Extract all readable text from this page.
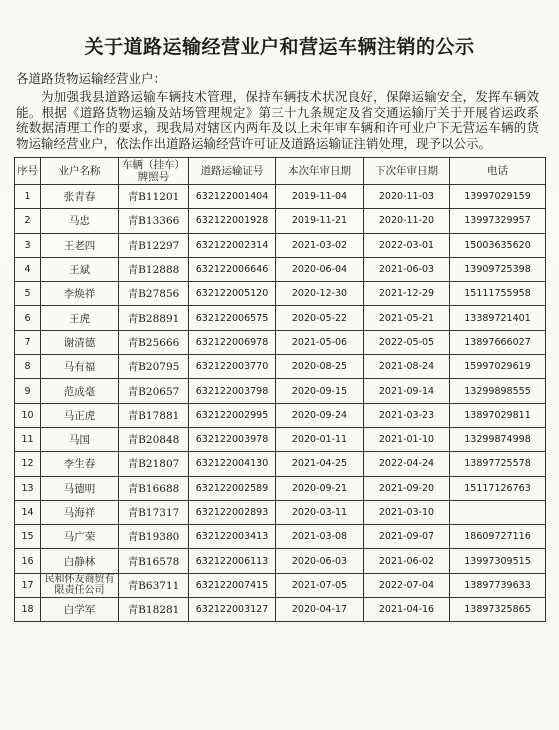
关于道路运输经营业户和营运车辆注销的公示
各道路货物运输经营业户：

为加强我县道路运输车辆技术管理，保持车辆技术状况良好，保障运输安全，发挥车辆效能。根据《道路货物运输及站场管理规定》第三十九条规定及省交通运输厅关于开展省运政系统数据清理工作的要求，现我局对辖区内两年及以上未年审车辆和许可业户下无营运车辆的货物运输经营业户，依法作出道路运输经营许可证及道路运输证注销处理，现予以公示。

序号	业户名称	车辆（挂车）牌照号	道路运输证号	本次年审日期	下次年审日期	电话
1	张青春	青B11201	632122001404	2019-11-04	2020-11-03	13997029159
2	马忠	青B13366	632122001928	2019-11-21	2020-11-20	13997329957
3	王老四	青B12297	632122002314	2021-03-02	2022-03-01	15003635620
4	王斌	青B12888	632122006646	2020-06-04	2021-06-03	13909725398
5	李焕祥	青B27856	632122005120	2020-12-30	2021-12-29	15111755958
6	王虎	青B28891	632122006575	2020-05-22	2021-05-21	13389721401
7	谢清德	青B25666	632122006978	2021-05-06	2022-05-05	13897666027
8	马有福	青B20795	632122003770	2020-08-25	2021-08-24	15997029619
9	范成毫	青B20657	632122003798	2020-09-15	2021-09-14	13299898555
10	马正虎	青B17881	632122002995	2020-09-24	2021-03-23	13897029811
11	马国	青B20848	632122003978	2020-01-11	2021-01-10	13299874998
12	李生春	青B21807	632122004130	2021-04-25	2022-04-24	13897725578
13	马德明	青B16688	632122002589	2020-09-21	2021-09-20	15117126763
14	马海祥	青B17317	632122002893	2020-03-11	2021-03-10	
15	马广荣	青B19380	632122003413	2021-03-08	2021-09-07	18609727116
16	白静林	青B16578	632122006113	2020-06-03	2021-06-02	13997309515
17	民和怀友商贸有限责任公司	青B63711	632122007415	2021-07-05	2022-07-04	13897739633
18	白学军	青B18281	632122003127	2020-04-17	2021-04-16	13897325865
